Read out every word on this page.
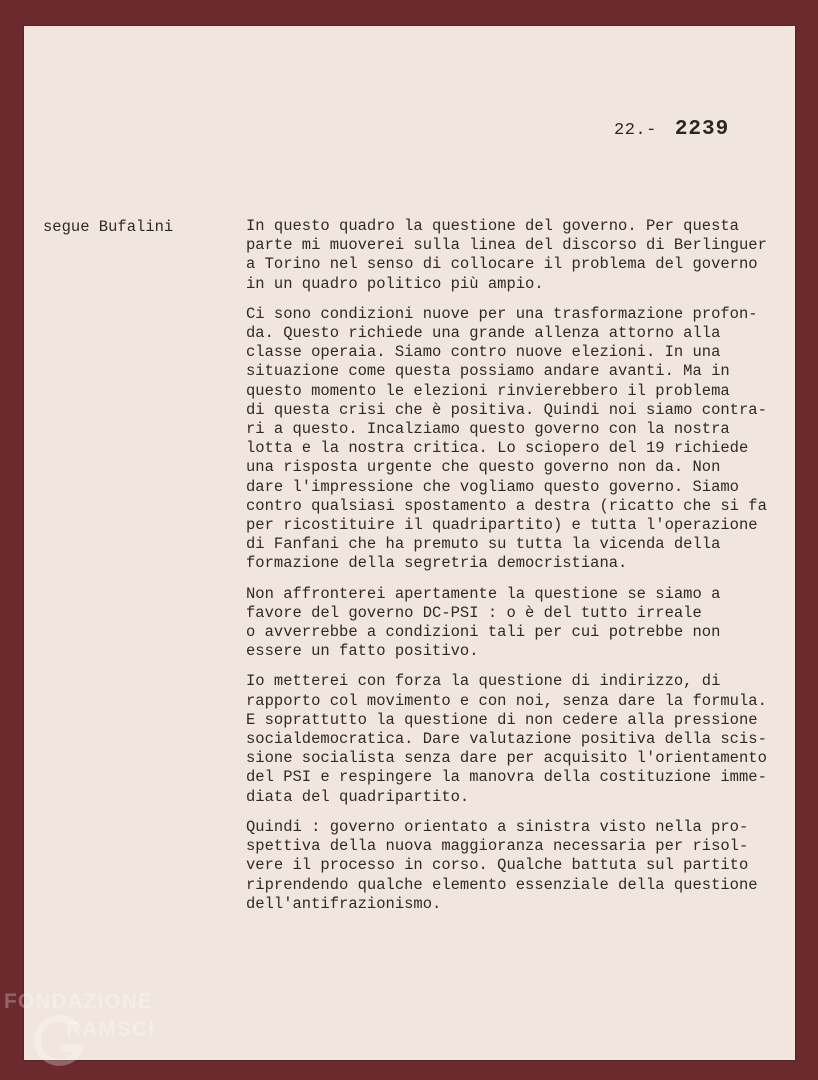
22.- 2239
segue Bufalini	In questo quadro la questione del governo. Per questa
parte mi muoverei sulla linea del discorso di Berlinguer
a Torino nel senso di collocare il problema del governo
in un quadro politico più ampio.
Ci sono condizioni nuove per una trasformazione profon-
da. Questo richiede una grande allenza attorno alla
classe operaia. Siamo contro nuove elezioni. In una
situazione come questa possiamo andare avanti. Ma in
questo momento le elezioni rinvierebbero il problema
di questa crisi che è positiva. Quindi noi siamo contra-
ri a questo. Incalziamo questo governo con la nostra
lotta e la nostra critica. Lo sciopero del 19 richiede
una risposta urgente che questo governo non da. Non
dare l'impressione che vogliamo questo governo. Siamo
contro qualsiasi spostamento a destra (ricatto che si fa
per ricostituire il quadripartito) e tutta l'operazione
di Fanfani che ha premuto su tutta la vicenda della
formazione della segretria democristiana.
Non affronterei apertamente la questione se siamo a
favore del governo DC-PSI : o è del tutto irreale
o avverrebbe a condizioni tali per cui potrebbe non
essere un fatto positivo.
Io metterei con forza la questione di indirizzo, di
rapporto col movimento e con noi, senza dare la formula.
E soprattutto la questione di non cedere alla pressione
socialdemocratica. Dare valutazione positiva della scis-
sione socialista senza dare per acquisito l'orientamento
del PSI e respingere la manovra della costituzione imme-
diata del quadripartito.
Quindi : governo orientato a sinistra visto nella pro-
spettiva della nuova maggioranza necessaria per risol-
vere il processo in corso. Qualche battuta sul partito
riprendendo qualche elemento essenziale della questione
dell'antifrazionismo.
FONDAZIONE
RAMSCI
